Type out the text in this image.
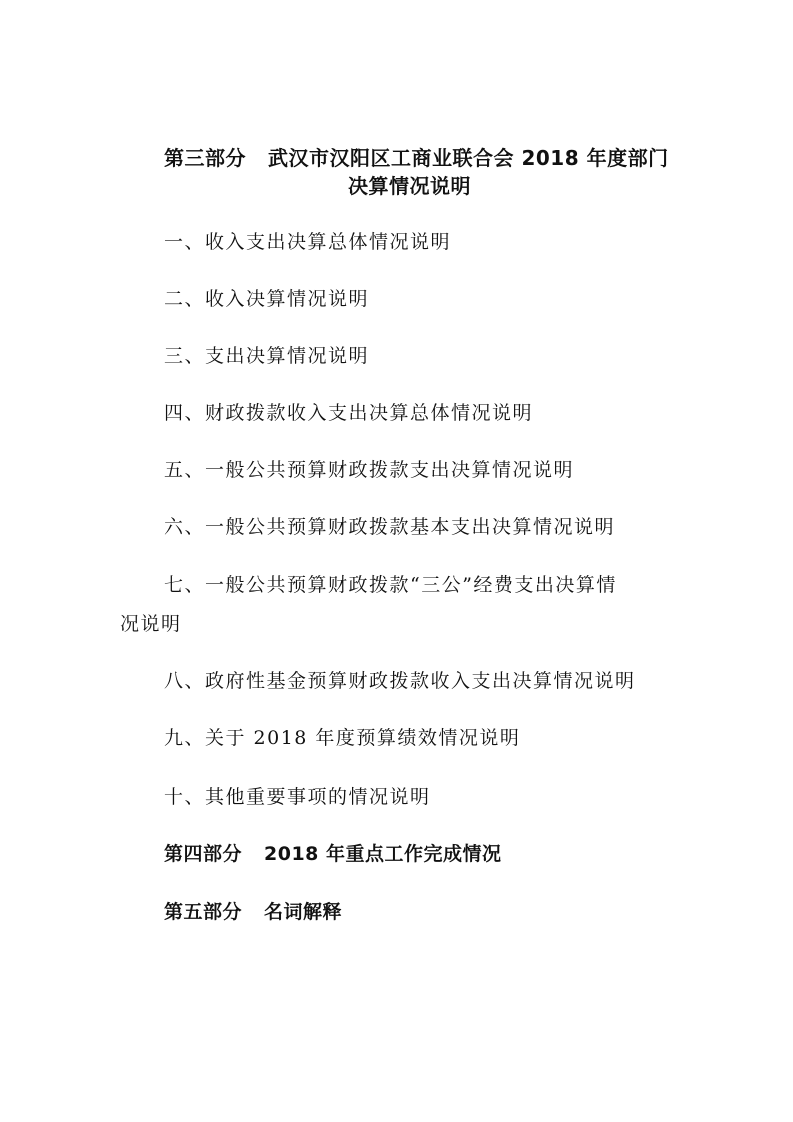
第三部分 武汉市汉阳区工商业联合会 2018 年度部门
决算情况说明
一、收入支出决算总体情况说明
二、收入决算情况说明
三、支出决算情况说明
四、财政拨款收入支出决算总体情况说明
五、一般公共预算财政拨款支出决算情况说明
六、一般公共预算财政拨款基本支出决算情况说明
七、一般公共预算财政拨款“三公”经费支出决算情
况说明
八、政府性基金预算财政拨款收入支出决算情况说明
九、关于 2018 年度预算绩效情况说明
十、其他重要事项的情况说明
第四部分 2018 年重点工作完成情况
第五部分 名词解释
